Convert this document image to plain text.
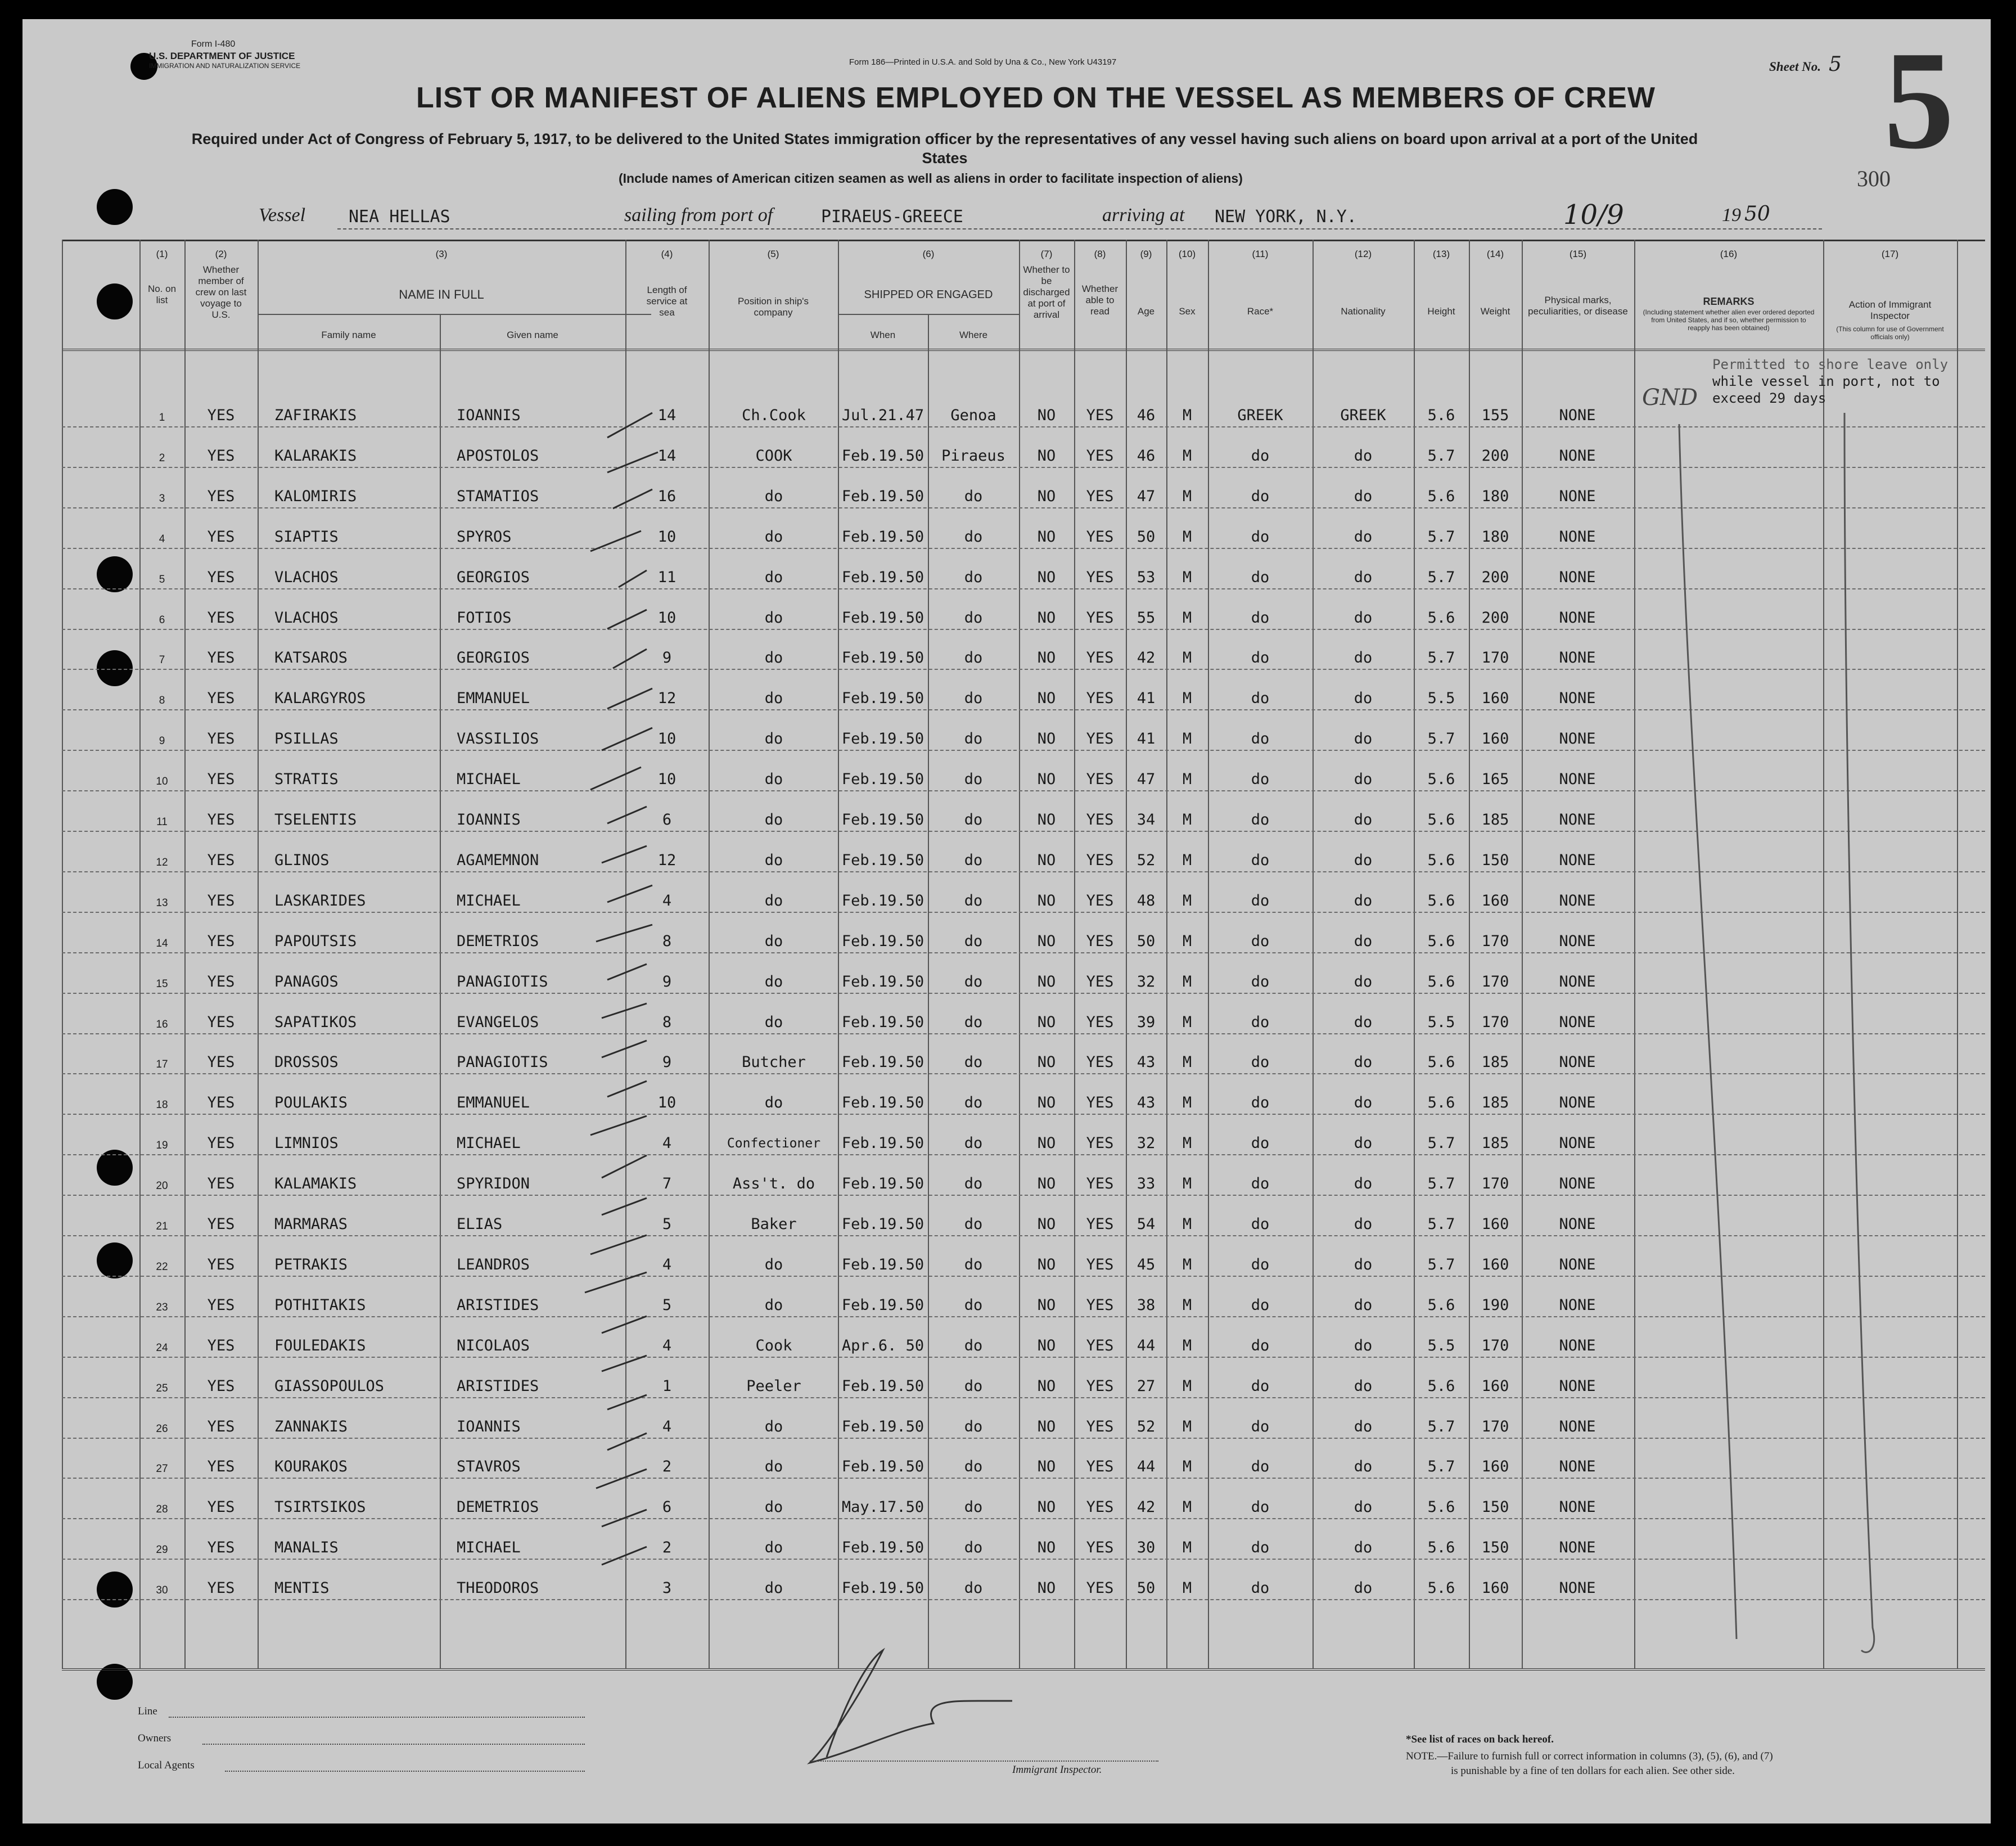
Form I-480
U.S. DEPARTMENT OF JUSTICE
IMMIGRATION AND NATURALIZATION SERVICE	Form 186—Printed in U.S.A. and Sold by Una & Co., New York U43197	Sheet No. 5 5
300
LIST OR MANIFEST OF ALIENS EMPLOYED ON THE VESSEL AS MEMBERS OF CREW
Required under Act of Congress of February 5, 1917, to be delivered to the United States immigration officer by the representatives of any vessel having such aliens on board upon arrival at a port of the United States
(Include names of American citizen seamen as well as aliens in order to facilitate inspection of aliens)
Vessel	NEA HELLAS	sailing from port of	PIRAEUS-GREECE	arriving at NEW YORK, N.Y.	10/9	19 50
(1)
No. on list
(2)
Whether member of crew on last voyage to U.S.
(3)
NAME IN FULL
Family name	Given name
(4)
Length of service at sea
(5)
Position in ship's company
(6)
SHIPPED OR ENGAGED
When	Where
(7)
Whether to be discharged at port of arrival
(8)
Whether able to read
(9)
Age
(10)
Sex
(11)
Race*
(12)
Nationality
(13)
Height
(14)
Weight
(15)
Physical marks, peculiarities, or disease
(16)
REMARKS
(Including statement whether alien ever ordered deported from United States, and if so, whether permission to reapply has been obtained)
(17)
Action of Immigrant Inspector
(This column for use of Government officials only)
1	YES	ZAFIRAKIS	IOANNIS	14	Ch.Cook	Jul.21.47	Genoa	NO	YES	46	M	GREEK	GREEK	5.6	155	NONE
2	YES	KALARAKIS	APOSTOLOS	14	COOK	Feb.19.50	Piraeus	NO	YES	46	M	do	do	5.7	200	NONE
3	YES	KALOMIRIS	STAMATIOS	16	do	Feb.19.50	do	NO	YES	47	M	do	do	5.6	180	NONE
4	YES	SIAPTIS	SPYROS	10	do	Feb.19.50	do	NO	YES	50	M	do	do	5.7	180	NONE
5	YES	VLACHOS	GEORGIOS	11	do	Feb.19.50	do	NO	YES	53	M	do	do	5.7	200	NONE
6	YES	VLACHOS	FOTIOS	10	do	Feb.19.50	do	NO	YES	55	M	do	do	5.6	200	NONE
7	YES	KATSAROS	GEORGIOS	9	do	Feb.19.50	do	NO	YES	42	M	do	do	5.7	170	NONE
8	YES	KALARGYROS	EMMANUEL	12	do	Feb.19.50	do	NO	YES	41	M	do	do	5.5	160	NONE
9	YES	PSILLAS	VASSILIOS	10	do	Feb.19.50	do	NO	YES	41	M	do	do	5.7	160	NONE
10	YES	STRATIS	MICHAEL	10	do	Feb.19.50	do	NO	YES	47	M	do	do	5.6	165	NONE
11	YES	TSELENTIS	IOANNIS	6	do	Feb.19.50	do	NO	YES	34	M	do	do	5.6	185	NONE
12	YES	GLINOS	AGAMEMNON	12	do	Feb.19.50	do	NO	YES	52	M	do	do	5.6	150	NONE
13	YES	LASKARIDES	MICHAEL	4	do	Feb.19.50	do	NO	YES	48	M	do	do	5.6	160	NONE
14	YES	PAPOUTSIS	DEMETRIOS	8	do	Feb.19.50	do	NO	YES	50	M	do	do	5.6	170	NONE
15	YES	PANAGOS	PANAGIOTIS	9	do	Feb.19.50	do	NO	YES	32	M	do	do	5.6	170	NONE
16	YES	SAPATIKOS	EVANGELOS	8	do	Feb.19.50	do	NO	YES	39	M	do	do	5.5	170	NONE
17	YES	DROSSOS	PANAGIOTIS	9	Butcher	Feb.19.50	do	NO	YES	43	M	do	do	5.6	185	NONE
18	YES	POULAKIS	EMMANUEL	10	do	Feb.19.50	do	NO	YES	43	M	do	do	5.6	185	NONE
19	YES	LIMNIOS	MICHAEL	4	Confectioner	Feb.19.50	do	NO	YES	32	M	do	do	5.7	185	NONE
20	YES	KALAMAKIS	SPYRIDON	7	Ass't. do	Feb.19.50	do	NO	YES	33	M	do	do	5.7	170	NONE
21	YES	MARMARAS	ELIAS	5	Baker	Feb.19.50	do	NO	YES	54	M	do	do	5.7	160	NONE
22	YES	PETRAKIS	LEANDROS	4	do	Feb.19.50	do	NO	YES	45	M	do	do	5.7	160	NONE
23	YES	POTHITAKIS	ARISTIDES	5	do	Feb.19.50	do	NO	YES	38	M	do	do	5.6	190	NONE
24	YES	FOULEDAKIS	NICOLAOS	4	Cook	Apr.6. 50	do	NO	YES	44	M	do	do	5.5	170	NONE
25	YES	GIASSOPOULOS	ARISTIDES	1	Peeler	Feb.19.50	do	NO	YES	27	M	do	do	5.6	160	NONE
26	YES	ZANNAKIS	IOANNIS	4	do	Feb.19.50	do	NO	YES	52	M	do	do	5.7	170	NONE
27	YES	KOURAKOS	STAVROS	2	do	Feb.19.50	do	NO	YES	44	M	do	do	5.7	160	NONE
28	YES	TSIRTSIKOS	DEMETRIOS	6	do	May.17.50	do	NO	YES	42	M	do	do	5.6	150	NONE
29	YES	MANALIS	MICHAEL	2	do	Feb.19.50	do	NO	YES	30	M	do	do	5.6	150	NONE
30	YES	MENTIS	THEODOROS	3	do	Feb.19.50	do	NO	YES	50	M	do	do	5.6	160	NONE
Permitted to shore leave only
while vessel in port, not to
exceed 29 days
GND
Line
Owners
Local Agents	Immigrant Inspector.
*See list of races on back hereof.
NOTE.—Failure to furnish full or correct information in columns (3), (5), (6), and (7)
is punishable by a fine of ten dollars for each alien. See other side.
